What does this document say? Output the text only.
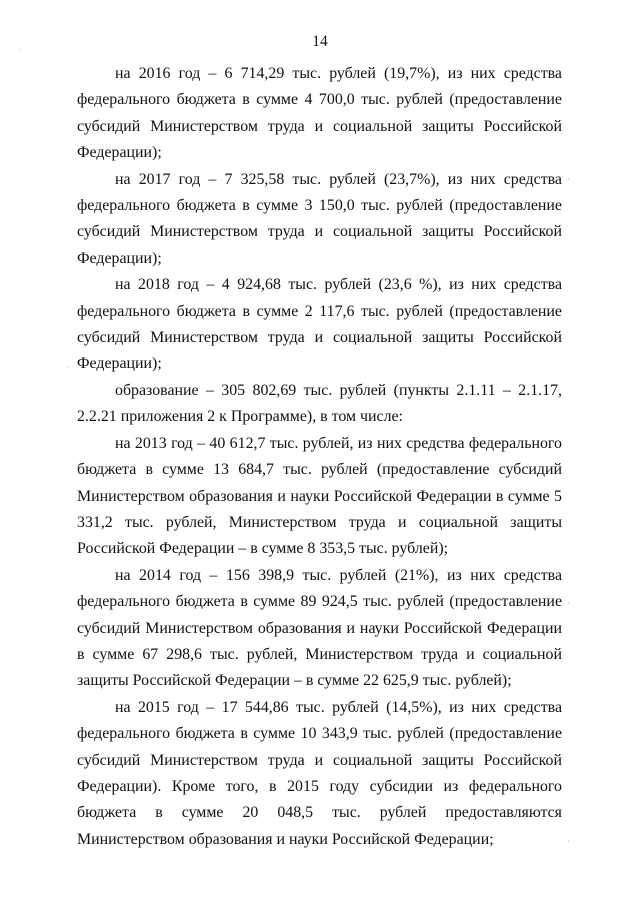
14
·
·
·
·
·

на 2016 год – 6 714,29 тыс. рублей (19,7%), из них средства федерального бюджета в сумме 4 700,0 тыс. рублей (предоставление субсидий Министерством труда и социальной защиты Российской Федерации);

на 2017 год – 7 325,58 тыс. рублей (23,7%), из них средства федерального бюджета в сумме 3 150,0 тыс. рублей (предоставление субсидий Министерством труда и социальной защиты Российской Федерации);

на 2018 год – 4 924,68 тыс. рублей (23,6 %), из них средства федерального бюджета в сумме 2 117,6 тыс. рублей (предоставление субсидий Министерством труда и социальной защиты Российской Федерации);

образование – 305 802,69 тыс. рублей (пункты 2.1.11 – 2.1.17, 2.2.21 приложения 2 к Программе), в том числе:

на 2013 год – 40 612,7 тыс. рублей, из них средства федерального бюджета в сумме 13 684,7 тыс. рублей (предоставление субсидий Министерством образования и науки Российской Федерации в сумме 5 331,2 тыс. рублей, Министерством труда и социальной защиты Российской Федерации – в сумме 8 353,5 тыс. рублей);

на 2014 год – 156 398,9 тыс. рублей (21%), из них средства федерального бюджета в сумме 89 924,5 тыс. рублей (предоставление субсидий Министерством образования и науки Российской Федерации в сумме 67 298,6 тыс. рублей, Министерством труда и социальной защиты Российской Федерации – в сумме 22 625,9 тыс. рублей);

на 2015 год – 17 544,86 тыс. рублей (14,5%), из них средства федерального бюджета в сумме 10 343,9 тыс. рублей (предоставление субсидий Министерством труда и социальной защиты Российской Федерации). Кроме того, в 2015 году субсидии из федерального бюджета в сумме 20 048,5 тыс. рублей предоставляются Министерством образования и науки Российской Федерации;
